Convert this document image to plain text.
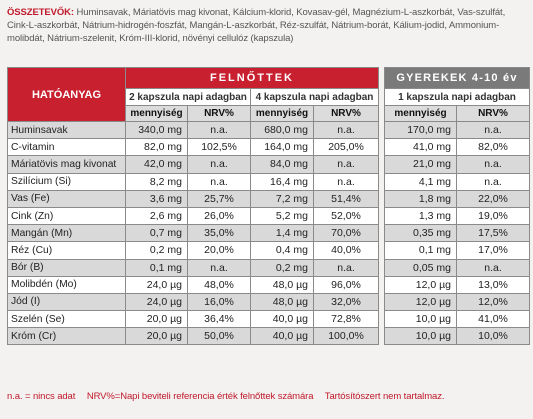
ÖSSZETEVŐK: Huminsavak, Máriatövis mag kivonat, Kálcium-klorid, Kovasav-gél, Magnézium-L-aszkorbát, Vas-szulfát, Cink-L-aszkorbát, Nátrium-hidrogén-foszfát, Mangán-L-aszkorbát, Réz-szulfát, Nátrium-borát, Kálium-jodid, Ammonium-molibdát, Nátrium-szelenit, Króm-III-klorid, növényi cellulóz (kapszula)
HATÓANYAG	FELNŐTTEK					GYEREKEK 4-10 év	
	2 kapszula napi adagban		4 kapszula napi adagban			1 kapszula napi adagban	
	mennyiség	NRV%	mennyiség	NRV%		mennyiség	NRV%
Huminsavak	340,0 mg	n.a.	680,0 mg	n.a.		170,0 mg	n.a.
C-vitamin	82,0 mg	102,5%	164,0 mg	205,0%		41,0 mg	82,0%
Máriatövis mag kivonat	42,0 mg	n.a.	84,0 mg	n.a.		21,0 mg	n.a.
Szilícium (Si)	8,2 mg	n.a.	16,4 mg	n.a.		4,1 mg	n.a.
Vas (Fe)	3,6 mg	25,7%	7,2 mg	51,4%		1,8 mg	22,0%
Cink (Zn)	2,6 mg	26,0%	5,2 mg	52,0%		1,3 mg	19,0%
Mangán (Mn)	0,7 mg	35,0%	1,4 mg	70,0%		0,35 mg	17,5%
Réz (Cu)	0,2 mg	20,0%	0,4 mg	40,0%		0,1 mg	17,0%
Bór (B)	0,1 mg	n.a.	0,2 mg	n.a.		0,05 mg	n.a.
Molibdén (Mo)	24,0 µg	48,0%	48,0 µg	96,0%		12,0 µg	13,0%
Jód (I)	24,0 µg	16,0%	48,0 µg	32,0%		12,0 µg	12,0%
Szelén (Se)	20,0 µg	36,4%	40,0 µg	72,8%		10,0 µg	41,0%
Króm (Cr)	20,0 µg	50,0%	40,0 µg	100,0%		10,0 µg	10,0%
n.a. = nincs adat NRV%=Napi beviteli referencia érték felnőttek számára Tartósítószert nem tartalmaz.
